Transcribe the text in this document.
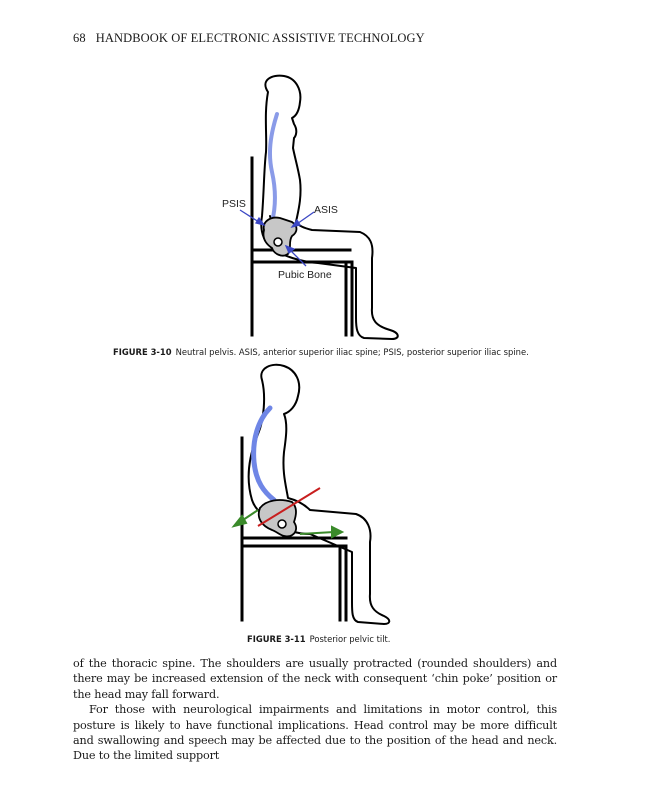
68 HANDBOOK OF ELECTRONIC ASSISTIVE TECHNOLOGY
PSIS	ASIS
Pubic Bone
FIGURE 3-10 Neutral pelvis. ASIS, anterior superior iliac spine; PSIS, posterior superior iliac spine.
FIGURE 3-11 Posterior pelvic tilt.

of the thoracic spine. The shoulders are usually protracted (rounded shoulders) and there may be increased extension of the neck with consequent ‘chin poke’ position or the head may fall forward.

For those with neurological impairments and limitations in motor control, this posture is likely to have functional implications. Head control may be more difficult and swallowing and speech may be affected due to the position of the head and neck. Due to the limited support
